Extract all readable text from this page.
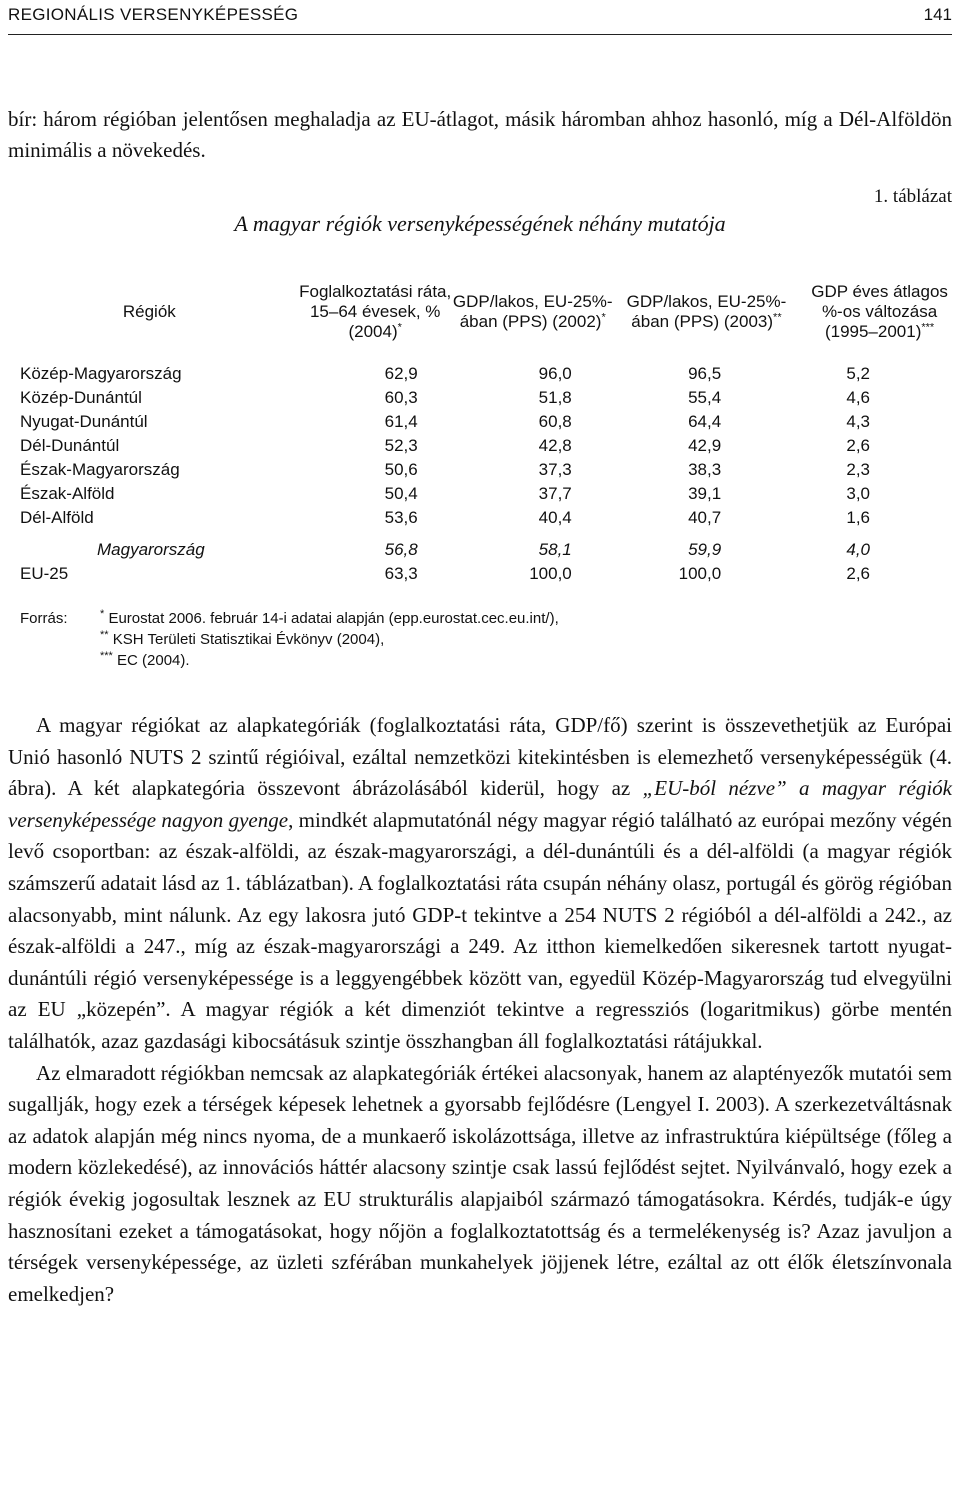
REGIONÁLIS VERSENYKÉPESSÉG	141
bír: három régióban jelentősen meghaladja az EU-átlagot, másik háromban ahhoz hasonló, míg a Dél-Alföldön minimális a növekedés.
1. táblázat
A magyar régiók versenyképességének néhány mutatója
Régiók	Foglalkoztatási ráta, 15–64 évesek, % (2004)*	GDP/lakos, EU-25%-ában (PPS) (2002)*	GDP/lakos, EU-25%-ában (PPS) (2003)**	GDP éves átlagos %-os változása (1995–2001)***
Közép-Magyarország	62,9	96,0	96,5	5,2
Közép-Dunántúl	60,3	51,8	55,4	4,6
Nyugat-Dunántúl	61,4	60,8	64,4	4,3
Dél-Dunántúl	52,3	42,8	42,9	2,6
Észak-Magyarország	50,6	37,3	38,3	2,3
Észak-Alföld	50,4	37,7	39,1	3,0
Dél-Alföld	53,6	40,4	40,7	1,6
Magyarország	56,8	58,1	59,9	4,0
EU-25	63,3	100,0	100,0	2,6
Forrás:	* Eurostat 2006. február 14-i adatai alapján (epp.eurostat.cec.eu.int/),
** KSH Területi Statisztikai Évkönyv (2004),
*** EC (2004).

A magyar régiókat az alapkategóriák (foglalkoztatási ráta, GDP/fő) szerint is összevethetjük az Európai Unió hasonló NUTS 2 szintű régióival, ezáltal nemzetközi kitekintésben is elemezhető versenyképességük (4. ábra). A két alapkategória összevont ábrázolásából kiderül, hogy az „EU-ból nézve” a magyar régiók versenyképessége nagyon gyenge, mindkét alapmutatónál négy magyar régió található az európai mezőny végén levő csoportban: az észak-alföldi, az észak-magyarországi, a dél-dunántúli és a dél-alföldi (a magyar régiók számszerű adatait lásd az 1. táblázatban). A foglalkoztatási ráta csupán néhány olasz, portugál és görög régióban alacsonyabb, mint nálunk. Az egy lakosra jutó GDP-t tekintve a 254 NUTS 2 régióból a dél-alföldi a 242., az észak-alföldi a 247., míg az észak-magyarországi a 249. Az itthon kiemelkedően sikeresnek tartott nyugat-dunántúli régió versenyképessége is a leggyengébbek között van, egyedül Közép-Magyarország tud elvegyülni az EU „közepén”. A magyar régiók a két dimenziót tekintve a regressziós (logaritmikus) görbe mentén találhatók, azaz gazdasági kibocsátásuk szintje összhangban áll foglalkoztatási rátájukkal.

Az elmaradott régiókban nemcsak az alapkategóriák értékei alacsonyak, hanem az alaptényezők mutatói sem sugallják, hogy ezek a térségek képesek lehetnek a gyorsabb fejlődésre (Lengyel I. 2003). A szerkezetváltásnak az adatok alapján még nincs nyoma, de a munkaerő iskolázottsága, illetve az infrastruktúra kiépültsége (főleg a modern közlekedésé), az innovációs háttér alacsony szintje csak lassú fejlődést sejtet. Nyilvánvaló, hogy ezek a régiók évekig jogosultak lesznek az EU strukturális alapjaiból származó támogatásokra. Kérdés, tudják-e úgy hasznosítani ezeket a támogatásokat, hogy nőjön a foglalkoztatottság és a termelékenység is? Azaz javuljon a térségek versenyképessége, az üzleti szférában munkahelyek jöjjenek létre, ezáltal az ott élők életszínvonala emelkedjen?
